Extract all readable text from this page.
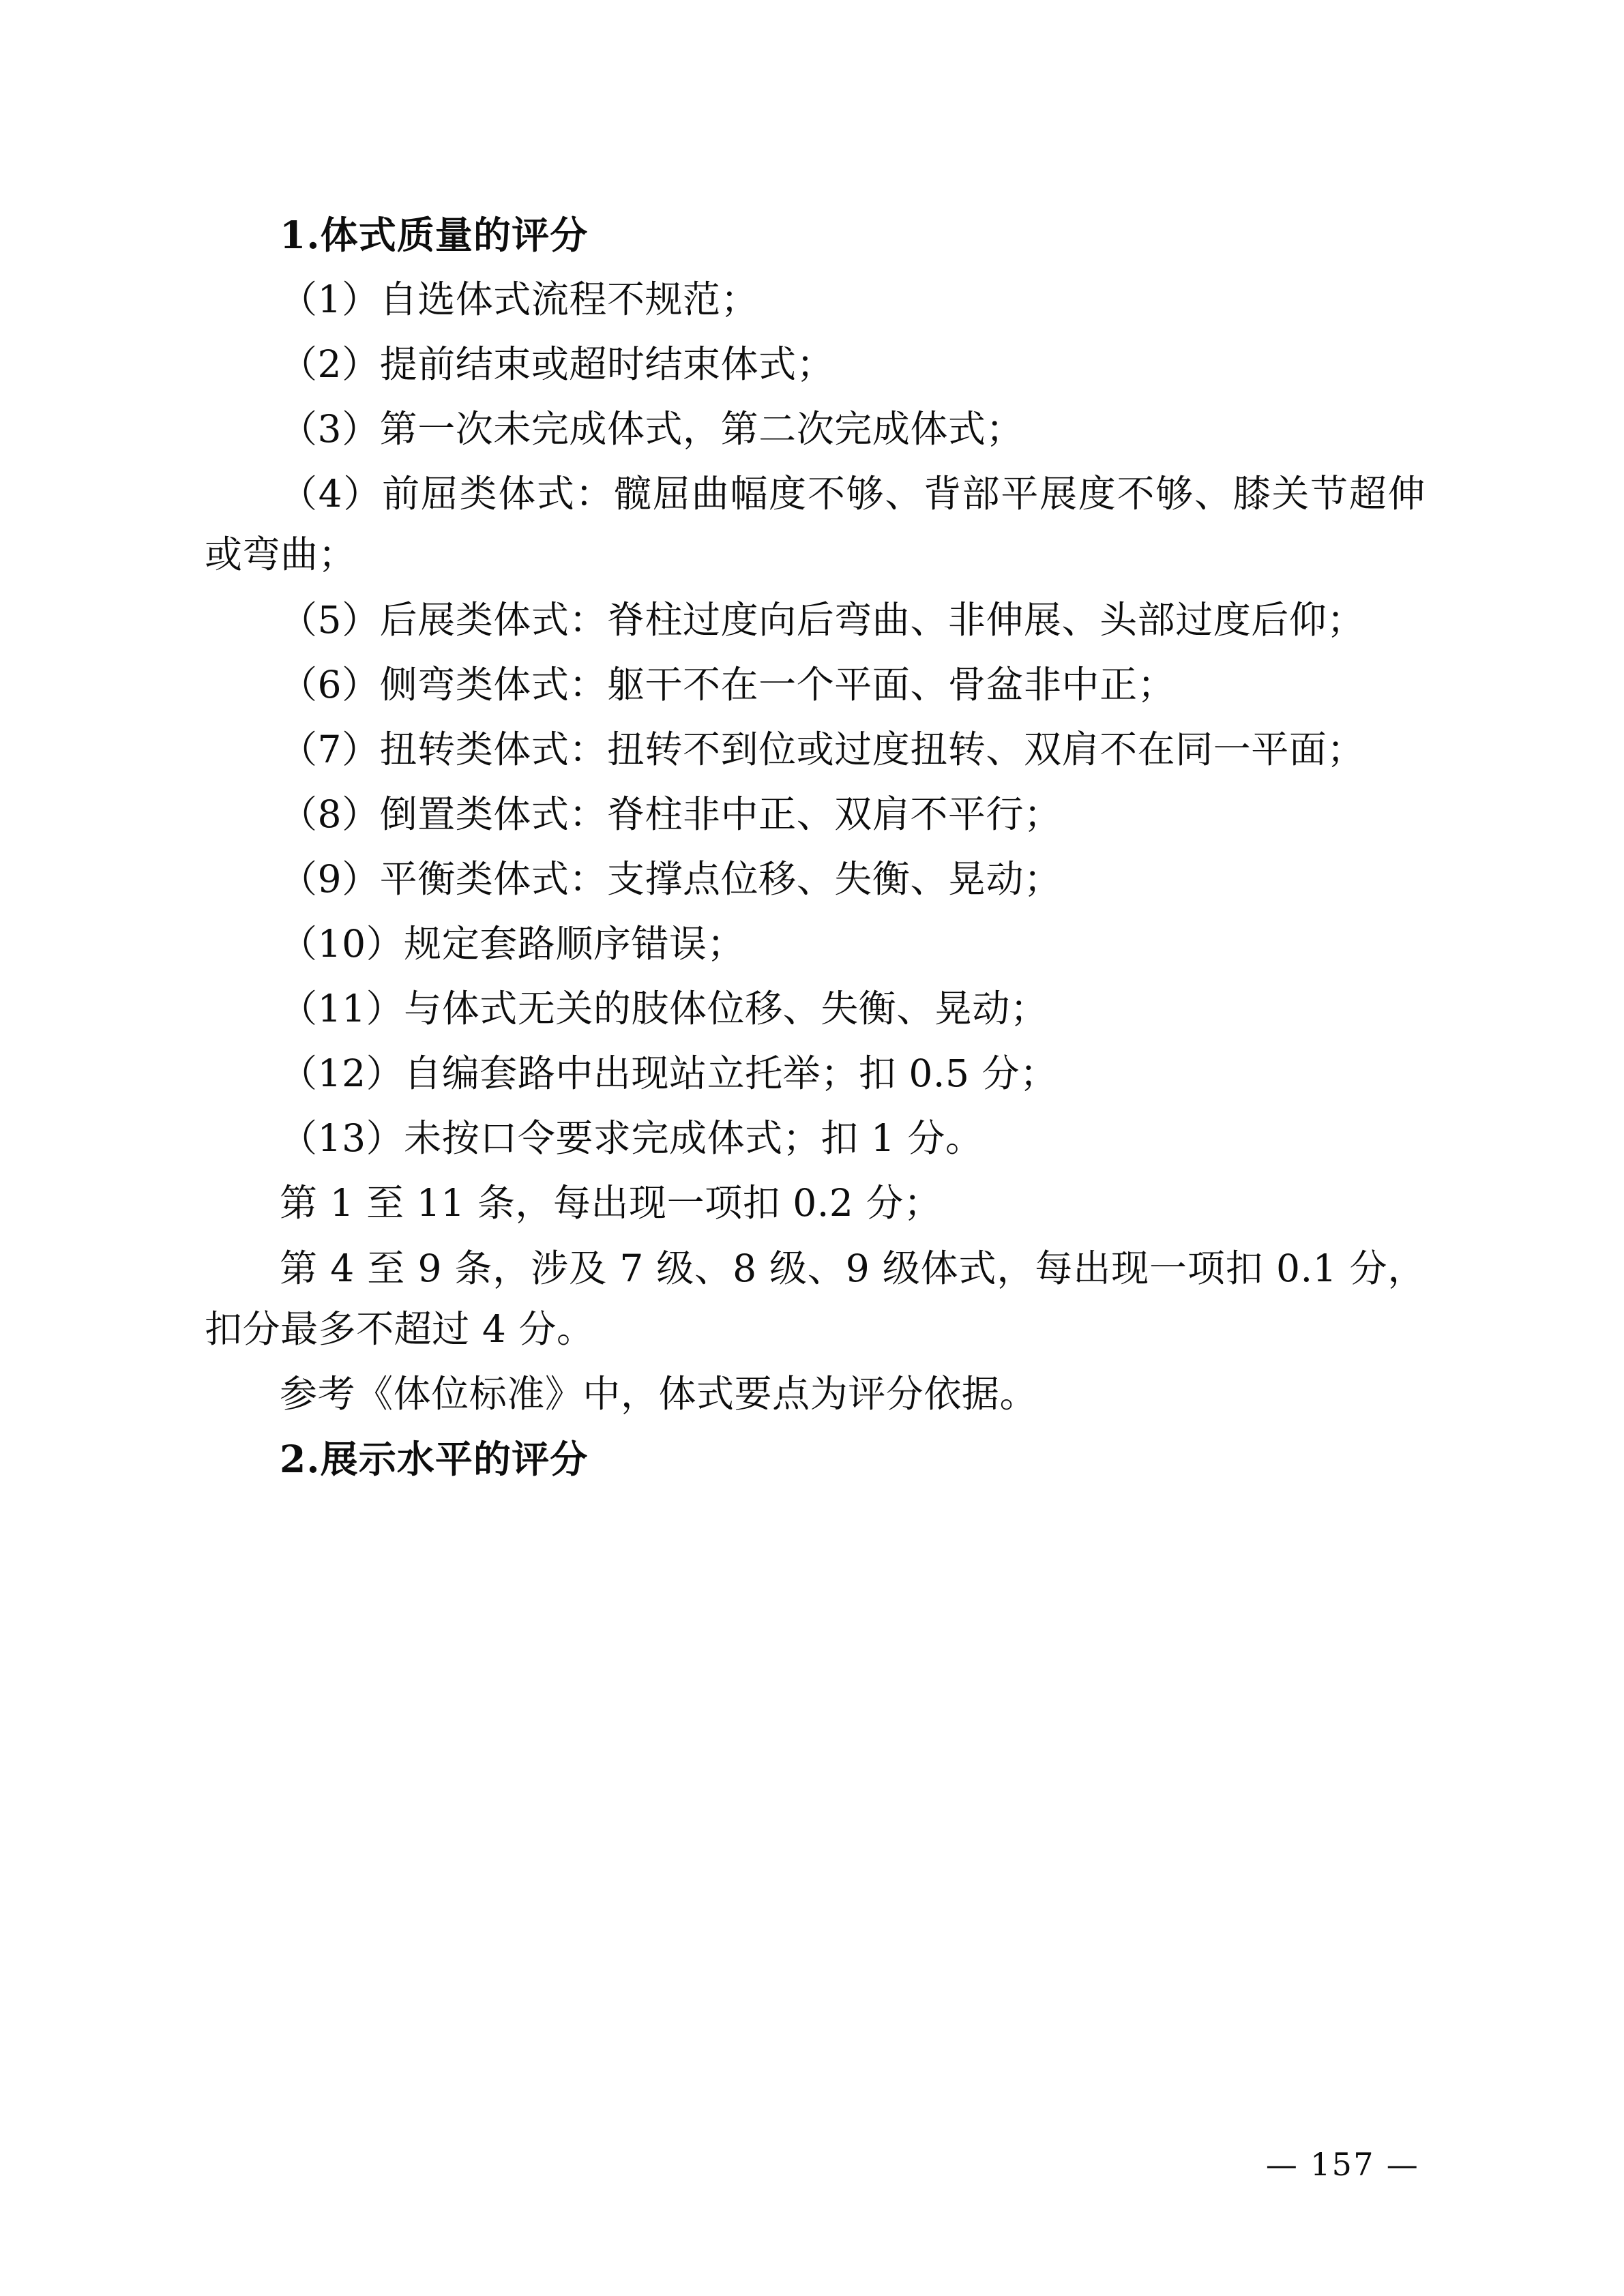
1.体式质量的评分

（1）自选体式流程不规范；

（2）提前结束或超时结束体式；

（3）第一次未完成体式，第二次完成体式；

（4）前屈类体式：髋屈曲幅度不够、背部平展度不够、膝关节超伸或弯曲；

（5）后展类体式：脊柱过度向后弯曲、非伸展、头部过度后仰；

（6）侧弯类体式：躯干不在一个平面、骨盆非中正；

（7）扭转类体式：扭转不到位或过度扭转、双肩不在同一平面；

（8）倒置类体式：脊柱非中正、双肩不平行；

（9）平衡类体式：支撑点位移、失衡、晃动；

（10）规定套路顺序错误；

（11）与体式无关的肢体位移、失衡、晃动；

（12）自编套路中出现站立托举；扣 0.5 分；

（13）未按口令要求完成体式；扣 1 分。

第 1 至 11 条，每出现一项扣 0.2 分；

第 4 至 9 条，涉及 7 级、8 级、9 级体式，每出现一项扣 0.1 分，扣分最多不超过 4 分。

参考《体位标准》中，体式要点为评分依据。

2.展示水平的评分

— 157 —
